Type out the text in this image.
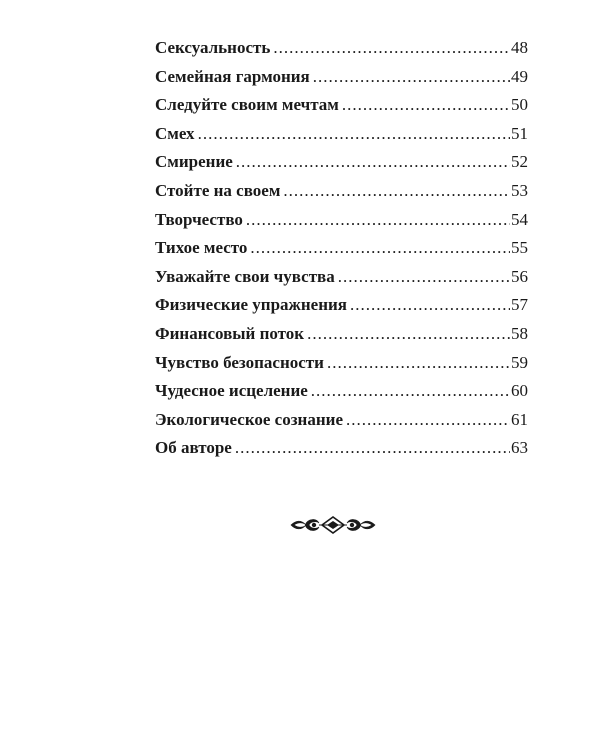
Сексуальность .....	48
Семейная гармония .....	49
Следуйте своим мечтам .....	50
Смех .....	51
Смирение .....	52
Стойте на своем .....	53
Творчество .....	54
Тихое место .....	55
Уважайте свои чувства .....	56
Физические упражнения .....	57
Финансовый поток .....	58
Чувство безопасности .....	59
Чудесное исцеление .....	60
Экологическое сознание .....	61
Об авторе .....	63
